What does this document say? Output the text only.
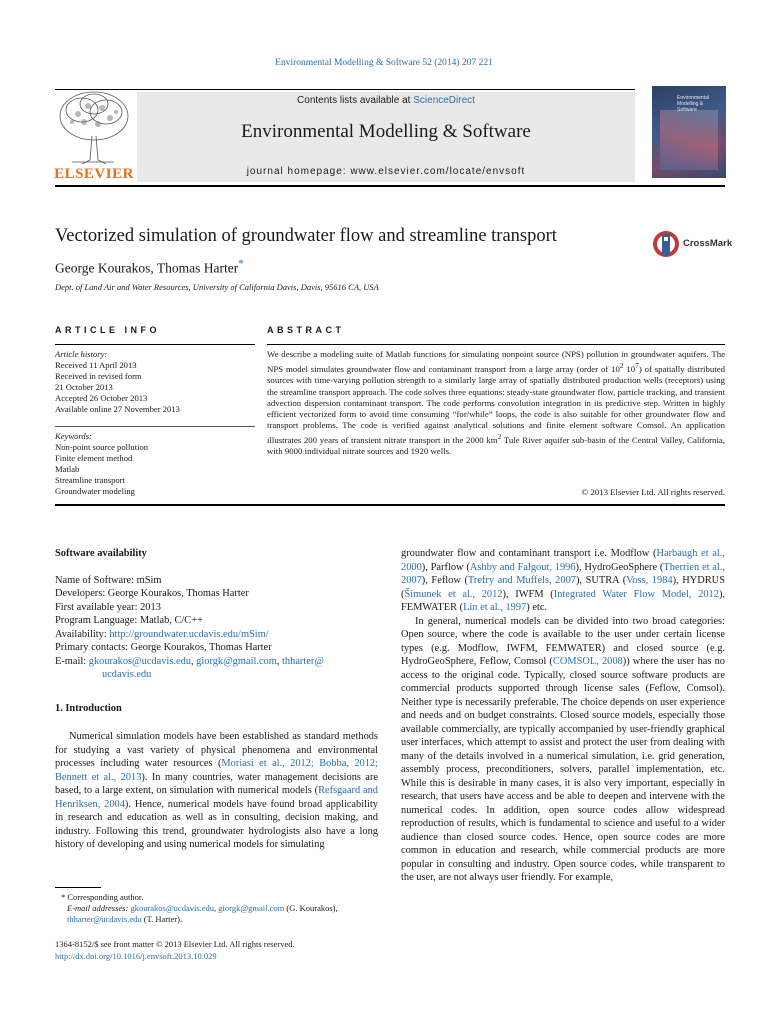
Environmental Modelling & Software 52 (2014) 207 221
Contents lists available at ScienceDirect
Environmental Modelling & Software
journal homepage: www.elsevier.com/locate/envsoft
ELSEVIER
Environmental Modelling & Software
Vectorized simulation of groundwater flow and streamline transport	CrossMark
George Kourakos, Thomas Harter*
Dept. of Land Air and Water Resources, University of California Davis, Davis, 95616 CA, USA
ARTICLE INFO	ABSTRACT
Article history:
Received 11 April 2013
Received in revised form
21 October 2013
Accepted 26 October 2013
Available online 27 November 2013
Keywords:
Non-point source pollution
Finite element method
Matlab
Streamline transport
Groundwater modeling
We describe a modeling suite of Matlab functions for simulating nonpoint source (NPS) pollution in groundwater aquifers. The NPS model simulates groundwater flow and contaminant transport from a large array (order of $10^2$ $10^7$) of spatially distributed sources with time-varying pollution strength to a similarly large array of spatially distributed production wells (receptors) using the streamline transport approach. The code solves three equations: steady-state groundwater flow, particle tracking, and transient advection dispersion contaminant transport. The code performs convolution integration in its predictive step. Written in highly efficient vectorized form to avoid time consuming “for/while” loops, the code is also suitable for other groundwater flow and transport problems. The code is verified against analytical solutions and finite element software Comsol. An application illustrates 200 years of transient nitrate transport in the 2000 $km^2$ Tule River aquifer sub-basin of the Central Valley, California, with 9000 individual nitrate sources and 1920 wells.
© 2013 Elsevier Ltd. All rights reserved.
Software availability
Name of Software: mSim
Developers: George Kourakos, Thomas Harter
First available year: 2013
Program Language: Matlab, C/C++
Availability: http://groundwater.ucdavis.edu/mSim/
Primary contacts: George Kourakos, Thomas Harter
E-mail: gkourakos@ucdavis.edu, giorgk@gmail.com, thharter@
ucdavis.edu
1. Introduction
Numerical simulation models have been established as standard methods for studying a vast variety of physical phenomena and environmental processes including water resources (Moriasi et al., 2012; Bobba, 2012; Bennett et al., 2013). In many countries, water management decisions are based, to a large extent, on simulation with numerical models (Refsgaard and Henriksen, 2004). Hence, numerical models have found broad applicability in research and education as well as in consulting, decision making, and industry. Following this trend, groundwater hydrologists also have a long history of developing and using numerical models for simulating
groundwater flow and contaminant transport i.e. Modflow (Harbaugh et al., 2000), Parflow (Ashby and Falgout, 1996), HydroGeoSphere (Therrien et al., 2007), Feflow (Trefry and Muffels, 2007), SUTRA (Voss, 1984), HYDRUS (Šimunek et al., 2012), IWFM (Integrated Water Flow Model, 2012), FEMWATER (Lin et al., 1997) etc.
In general, numerical models can be divided into two broad categories: Open source, where the code is available to the user under certain license types (e.g. Modflow, IWFM, FEMWATER) and closed source (e.g. HydroGeoSphere, Feflow, Comsol (COMSOL, 2008)) where the user has no access to the original code. Typically, closed source software products are commercial products supported through license sales (Feflow, Comsol). Neither type is necessarily preferable. The choice depends on user experience and needs and on budget constraints. Closed source models, especially those available commercially, are typically accompanied by user-friendly graphical user interfaces, which attempt to assist and protect the user from dealing with many of the details involved in a numerical simulation, i.e. grid generation, assembly process, preconditioners, solvers, parallel implementation, etc. While this is desirable in many cases, it is also very important, especially in research, that users have access and be able to deepen and intervene with the numerical codes. In addition, open source codes allow widespread reproduction of results, which is fundamental to science and useful to a wider audience than closed source codes. Hence, open source codes are more common in education and research, while commercial products are more popular in consulting and industry. Open source codes, while transparent to the user, are not always user friendly. For example,
* Corresponding author.
E-mail addresses: gkourakos@ucdavis.edu, giorgk@gmail.com (G. Kourakos), thharter@ucdavis.edu (T. Harter).
1364-8152/$ see front matter © 2013 Elsevier Ltd. All rights reserved.
http://dx.doi.org/10.1016/j.envsoft.2013.10.029
